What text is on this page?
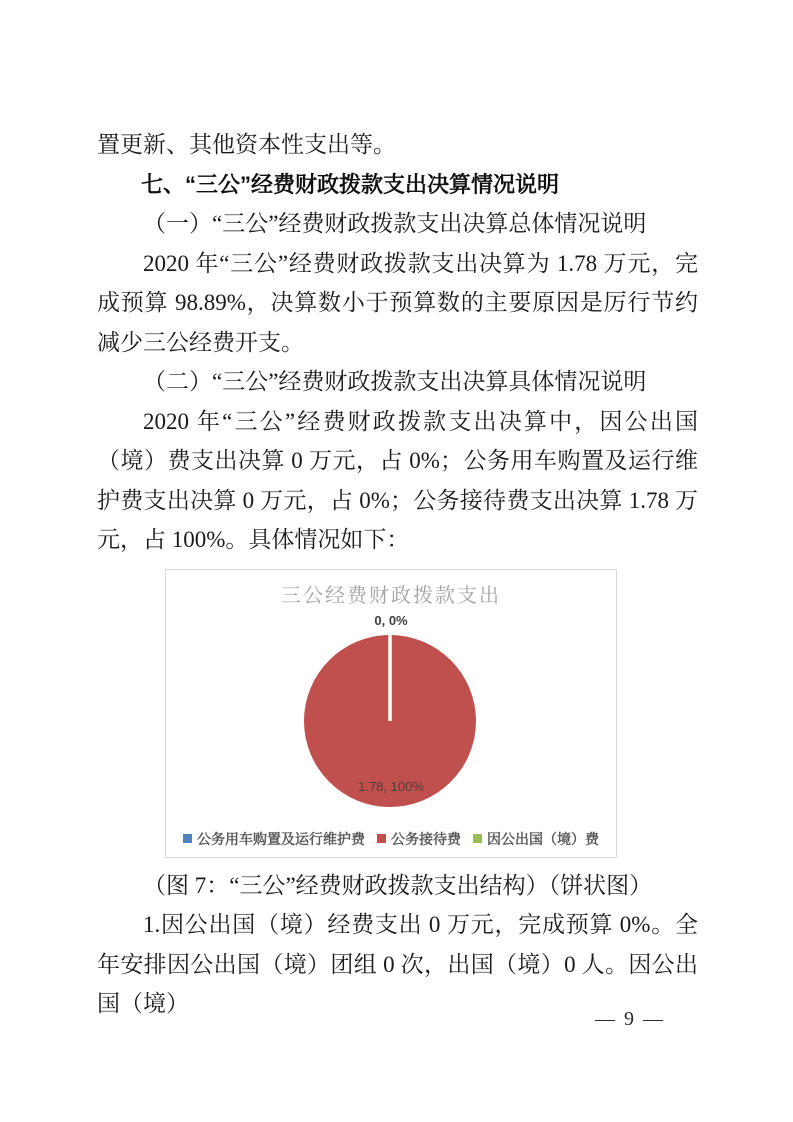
置更新、其他资本性支出等。

七、“三公”经费财政拨款支出决算情况说明

（一）“三公”经费财政拨款支出决算总体情况说明

2020 年“三公”经费财政拨款支出决算为 1.78 万元，完成预算 98.89%，决算数小于预算数的主要原因是厉行节约减少三公经费开支。

（二）“三公”经费财政拨款支出决算具体情况说明

2020 年“三公”经费财政拨款支出决算中，因公出国（境）费支出决算 0 万元，占 0%；公务用车购置及运行维护费支出决算 0 万元，占 0%；公务接待费支出决算 1.78 万元，占 100%。具体情况如下：

三公经费财政拨款支出
0, 0%
1.78, 100%
公务用车购置及运行维护费 公务接待费 因公出国（境）费

（图 7：“三公”经费财政拨款支出结构）（饼状图）

1.因公出国（境）经费支出 0 万元，完成预算 0%。全年安排因公出国（境）团组 0 次，出国（境）0 人。因公出国（境）

— 9 —
